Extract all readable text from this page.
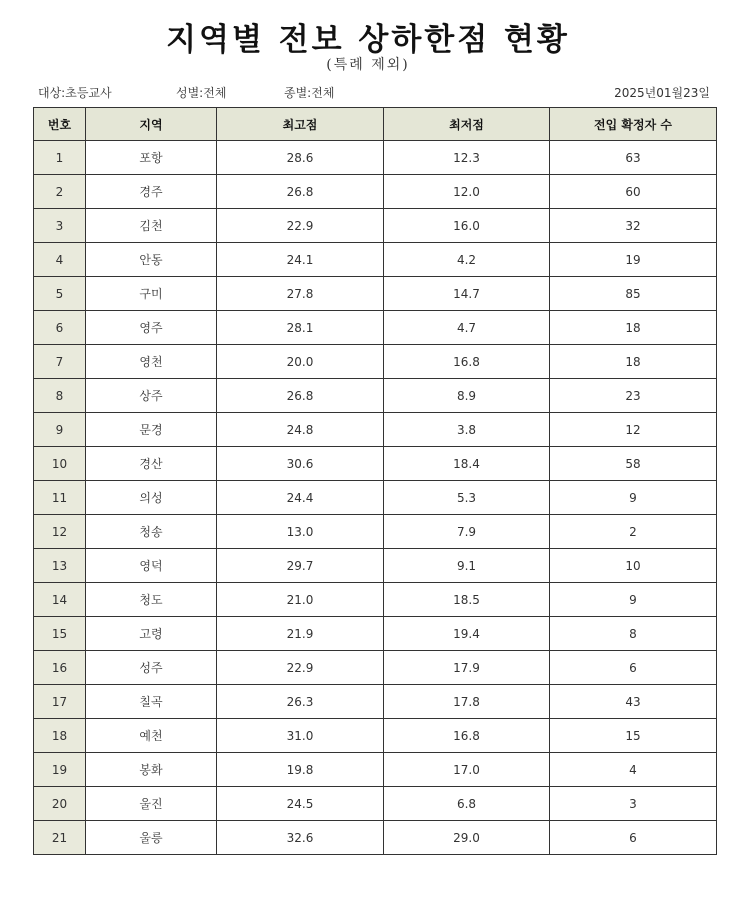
지역별 전보 상하한점 현황
(특례 제외)
대상:초등교사	성별:전체	종별:전체	2025년01월23일
번호	지역	최고점	최저점	전입 확정자 수
1	포항	28.6	12.3	63
2	경주	26.8	12.0	60
3	김천	22.9	16.0	32
4	안동	24.1	4.2	19
5	구미	27.8	14.7	85
6	영주	28.1	4.7	18
7	영천	20.0	16.8	18
8	상주	26.8	8.9	23
9	문경	24.8	3.8	12
10	경산	30.6	18.4	58
11	의성	24.4	5.3	9
12	청송	13.0	7.9	2
13	영덕	29.7	9.1	10
14	청도	21.0	18.5	9
15	고령	21.9	19.4	8
16	성주	22.9	17.9	6
17	칠곡	26.3	17.8	43
18	예천	31.0	16.8	15
19	봉화	19.8	17.0	4
20	울진	24.5	6.8	3
21	울릉	32.6	29.0	6
